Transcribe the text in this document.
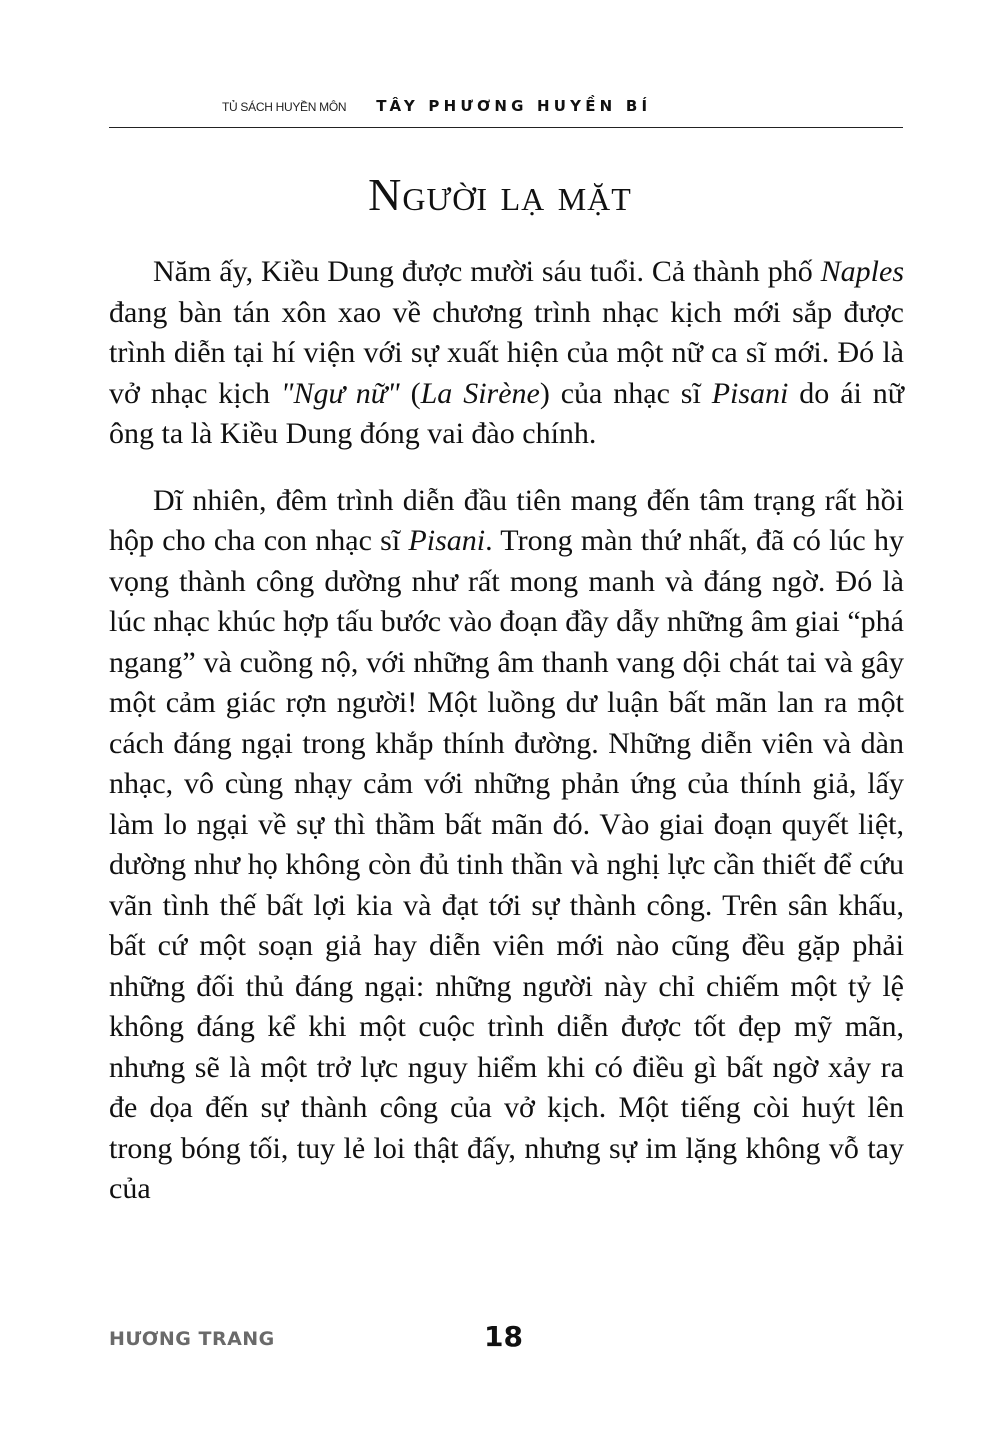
TỦ SÁCH HUYỀN MÔN TÂY PHƯƠNG HUYỀN BÍ
Người lạ mặt

Năm ấy, Kiều Dung được mười sáu tuổi. Cả thành phố Naples đang bàn tán xôn xao về chương trình nhạc kịch mới sắp được trình diễn tại hí viện với sự xuất hiện của một nữ ca sĩ mới. Đó là vở nhạc kịch "Ngư nữ" (La Sirène) của nhạc sĩ Pisani do ái nữ ông ta là Kiều Dung đóng vai đào chính.

Dĩ nhiên, đêm trình diễn đầu tiên mang đến tâm trạng rất hồi hộp cho cha con nhạc sĩ Pisani. Trong màn thứ nhất, đã có lúc hy vọng thành công dường như rất mong manh và đáng ngờ. Đó là lúc nhạc khúc hợp tấu bước vào đoạn đầy dẫy những âm giai “phá ngang” và cuồng nộ, với những âm thanh vang dội chát tai và gây một cảm giác rợn người! Một luồng dư luận bất mãn lan ra một cách đáng ngại trong khắp thính đường. Những diễn viên và dàn nhạc, vô cùng nhạy cảm với những phản ứng của thính giả, lấy làm lo ngại về sự thì thầm bất mãn đó. Vào giai đoạn quyết liệt, dường như họ không còn đủ tinh thần và nghị lực cần thiết để cứu vãn tình thế bất lợi kia và đạt tới sự thành công. Trên sân khấu, bất cứ một soạn giả hay diễn viên mới nào cũng đều gặp phải những đối thủ đáng ngại: những người này chỉ chiếm một tỷ lệ không đáng kể khi một cuộc trình diễn được tốt đẹp mỹ mãn, nhưng sẽ là một trở lực nguy hiểm khi có điều gì bất ngờ xảy ra đe dọa đến sự thành công của vở kịch. Một tiếng còi huýt lên trong bóng tối, tuy lẻ loi thật đấy, nhưng sự im lặng không vỗ tay của

HƯƠNG TRANG	18
